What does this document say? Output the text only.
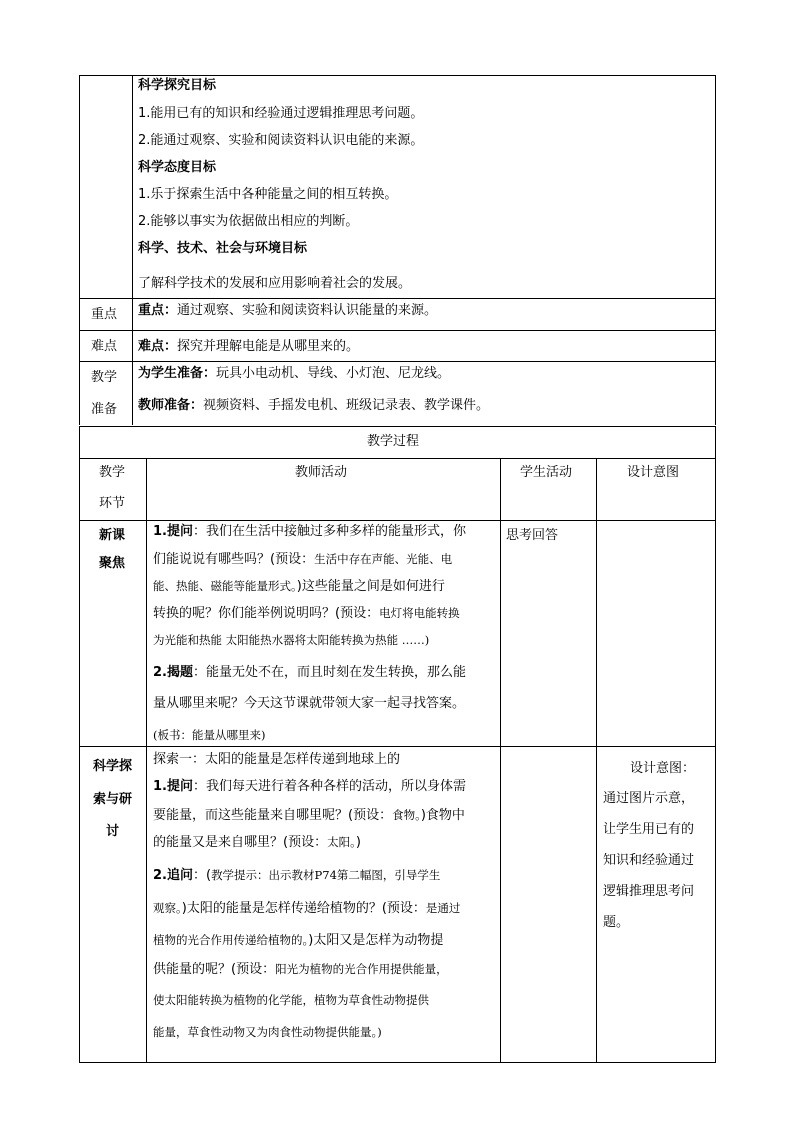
科学探究目标
1.能用已有的知识和经验通过逻辑推理思考问题。
2.能通过观察、实验和阅读资料认识电能的来源。
科学态度目标
1.乐于探索生活中各种能量之间的相互转换。
2.能够以事实为依据做出相应的判断。
科学、技术、社会与环境目标
了解科学技术的发展和应用影响着社会的发展。
重点 重点：通过观察、实验和阅读资料认识能量的来源。
难点 难点：探究并理解电能是从哪里来的。
教学
准备
为学生准备：玩具小电动机、导线、小灯泡、尼龙线。
教师准备：视频资料、手摇发电机、班级记录表、教学课件。
教学过程
教学
环节
教师活动	学生活动	设计意图
新课
聚焦
1.提问：我们在生活中接触过多种多样的能量形式，你
们能说说有哪些吗？(预设：生活中存在声能、光能、电
能、热能、磁能等能量形式。)这些能量之间是如何进行
转换的呢？你们能举例说明吗？(预设：电灯将电能转换
为光能和热能 太阳能热水器将太阳能转换为热能 ……)
2.揭题：能量无处不在，而且时刻在发生转换，那么能
量从哪里来呢？今天这节课就带领大家一起寻找答案。
(板书：能量从哪里来)
思考回答
科学探
索与研
讨
探索一：太阳的能量是怎样传递到地球上的
1.提问：我们每天进行着各种各样的活动，所以身体需
要能量，而这些能量来自哪里呢？(预设：食物。)食物中
的能量又是来自哪里？(预设：太阳。)
2.追问：(教学提示：出示教材P74第二幅图，引导学生
观察。)太阳的能量是怎样传递给植物的？(预设：是通过
植物的光合作用传递给植物的。)太阳又是怎样为动物提
供能量的呢？(预设：阳光为植物的光合作用提供能量，
使太阳能转换为植物的化学能，植物为草食性动物提供
能量，草食性动物又为肉食性动物提供能量。)
设计意图：
通过图片示意，
让学生用已有的
知识和经验通过
逻辑推理思考问
题。
